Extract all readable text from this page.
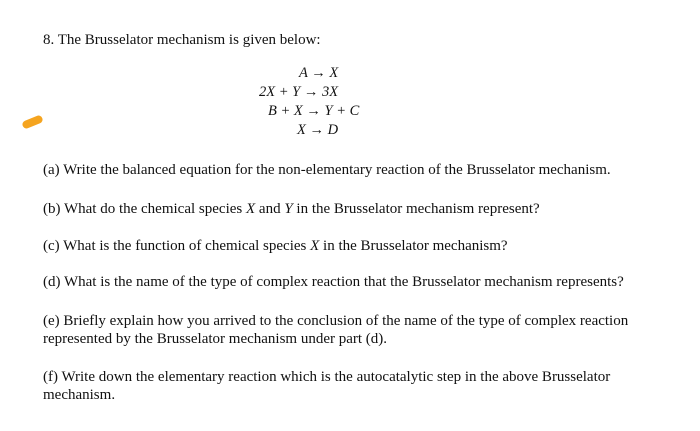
8. The Brusselator mechanism is given below:
A → X
2X + Y → 3X
B + X → Y + C
X → D
(a) Write the balanced equation for the non-elementary reaction of the Brusselator mechanism.
(b) What do the chemical species X and Y in the Brusselator mechanism represent?
(c) What is the function of chemical species X in the Brusselator mechanism?
(d) What is the name of the type of complex reaction that the Brusselator mechanism represents?
(e) Briefly explain how you arrived to the conclusion of the name of the type of complex reaction
represented by the Brusselator mechanism under part (d).
(f) Write down the elementary reaction which is the autocatalytic step in the above Brusselator
mechanism.
